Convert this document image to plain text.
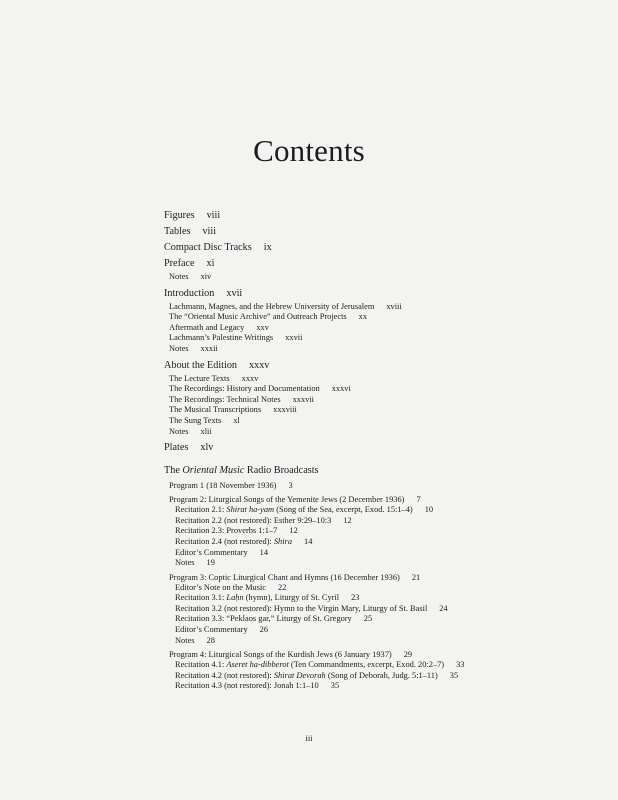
Contents
Figures viii
Tables viii
Compact Disc Tracks ix
Preface xi
Notes xiv
Introduction xvii
Lachmann, Magnes, and the Hebrew University of Jerusalem xviii
The “Oriental Music Archive” and Outreach Projects xx
Aftermath and Legacy xxv
Lachmann’s Palestine Writings xxvii
Notes xxxii
About the Edition xxxv
The Lecture Texts xxxv
The Recordings: History and Documentation xxxvi
The Recordings: Technical Notes xxxvii
The Musical Transcriptions xxxviii
The Sung Texts xl
Notes xlii
Plates xlv
The Oriental Music Radio Broadcasts
Program 1 (18 November 1936) 3
Program 2: Liturgical Songs of the Yemenite Jews (2 December 1936) 7
Recitation 2.1: Shirat ha-yam (Song of the Sea, excerpt, Exod. 15:1–4) 10
Recitation 2.2 (not restored): Esther 9:29–10:3 12
Recitation 2.3: Proverbs 1:1–7 12
Recitation 2.4 (not restored): Shira 14
Editor’s Commentary 14
Notes 19
Program 3: Coptic Liturgical Chant and Hymns (16 December 1936) 21
Editor’s Note on the Music 22
Recitation 3.1: Laḥn (hymn), Liturgy of St. Cyril 23
Recitation 3.2 (not restored): Hymn to the Virgin Mary, Liturgy of St. Basil 24
Recitation 3.3: “Peklaos gar,” Liturgy of St. Gregory 25
Editor’s Commentary 26
Notes 28
Program 4: Liturgical Songs of the Kurdish Jews (6 January 1937) 29
Recitation 4.1: Aseret ha-dibberot (Ten Commandments, excerpt, Exod. 20:2–7) 33
Recitation 4.2 (not restored): Shirat Devorah (Song of Deborah, Judg. 5:1–11) 35
Recitation 4.3 (not restored): Jonah 1:1–10 35
iii
